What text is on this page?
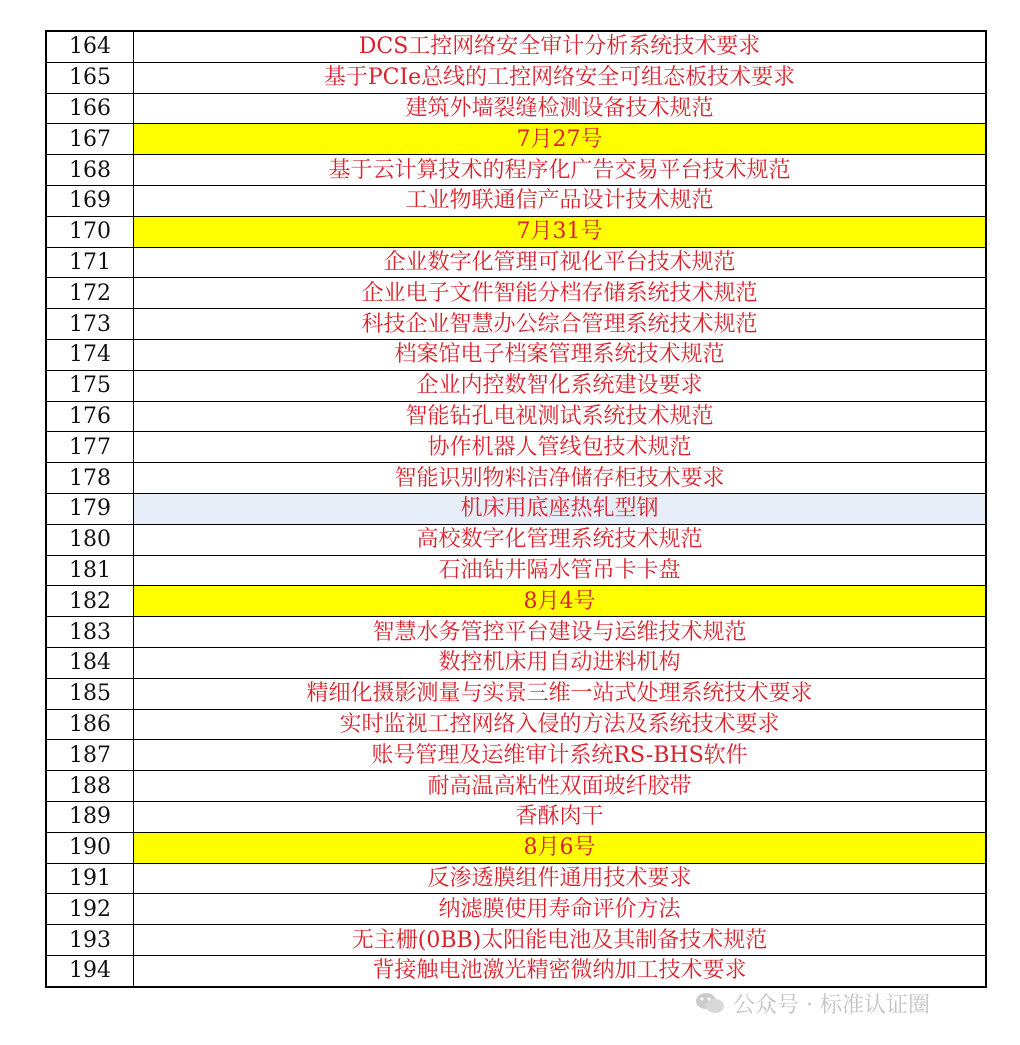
164	DCS工控网络安全审计分析系统技术要求
165	基于PCIe总线的工控网络安全可组态板技术要求
166	建筑外墙裂缝检测设备技术规范
167	7月27号
168	基于云计算技术的程序化广告交易平台技术规范
169	工业物联通信产品设计技术规范
170	7月31号
171	企业数字化管理可视化平台技术规范
172	企业电子文件智能分档存储系统技术规范
173	科技企业智慧办公综合管理系统技术规范
174	档案馆电子档案管理系统技术规范
175	企业内控数智化系统建设要求
176	智能钻孔电视测试系统技术规范
177	协作机器人管线包技术规范
178	智能识别物料洁净储存柜技术要求
179	机床用底座热轧型钢
180	高校数字化管理系统技术规范
181	石油钻井隔水管吊卡卡盘
182	8月4号
183	智慧水务管控平台建设与运维技术规范
184	数控机床用自动进料机构
185	精细化摄影测量与实景三维一站式处理系统技术要求
186	实时监视工控网络入侵的方法及系统技术要求
187	账号管理及运维审计系统RS-BHS软件
188	耐高温高粘性双面玻纤胶带
189	香酥肉干
190	8月6号
191	反渗透膜组件通用技术要求
192	纳滤膜使用寿命评价方法
193	无主栅(0BB)太阳能电池及其制备技术规范
194	背接触电池激光精密微纳加工技术要求
公众号 · 标准认证圈
